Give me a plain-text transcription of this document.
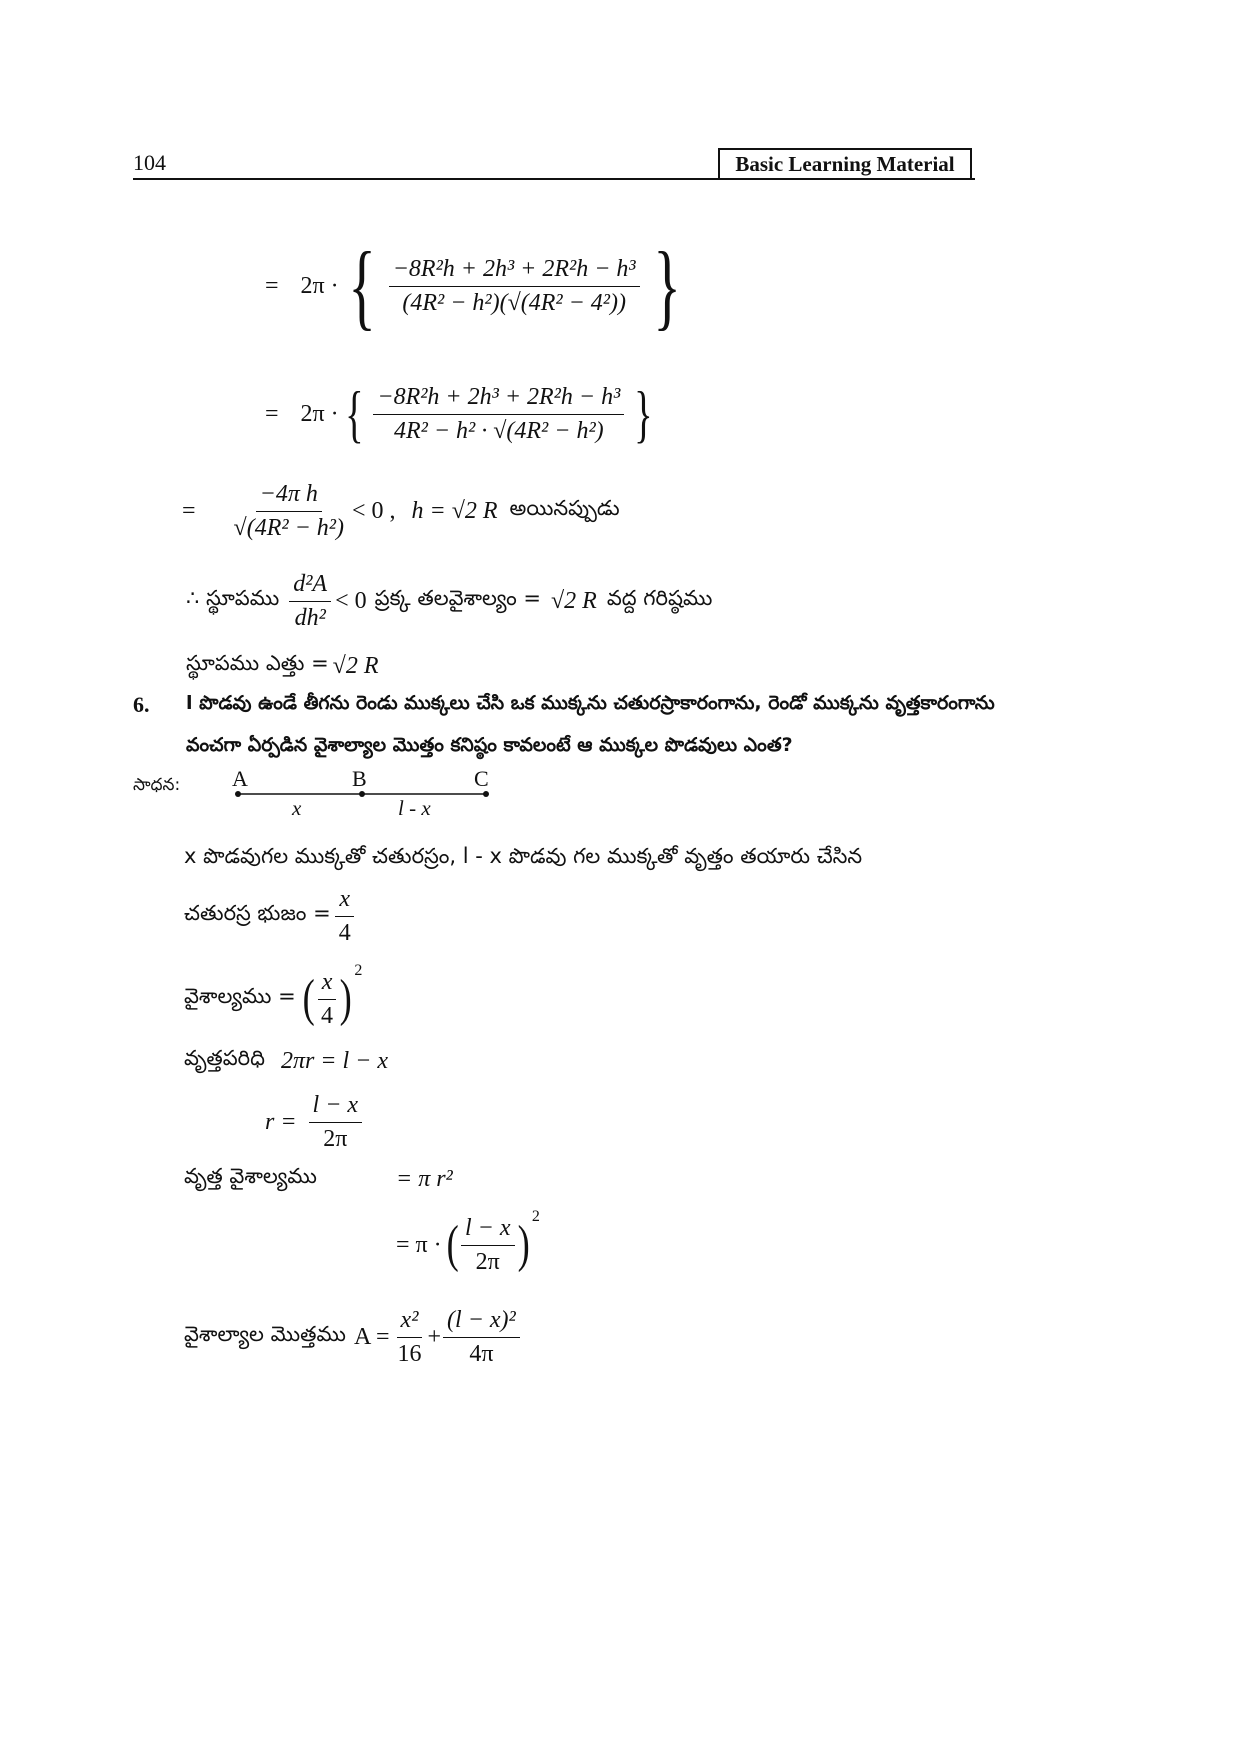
104	Basic Learning Material
= 2π · { $\frac{\text{−8R²h + 2h³ + 2R²h − h³}}{\text{(4R² − h²)(√(4R² − 4²))}}$ }
= 2π · { $\frac{\text{−8R²h + 2h³ + 2R²h − h³}}{\text{4R² − h² · √(4R² − h²)}}$ }
= $\frac{\text{−4π h}}{\text{√(4R² − h²)}} < 0$ , h = √2 R అయినప్పుడు
∴ స్థూపము $\frac{\text{d²A}}{\text{dh²}} < 0$ ప్రక్క తలవైశాల్యం = √2 R వద్ద గరిష్ఠము
స్థూపము ఎత్తు = √2 R
6. l పొడవు ఉండే తీగను రెండు ముక్కలు చేసి ఒక ముక్కను చతురస్రాకారంగాను, రెండో ముక్కను వృత్తకారంగాను
వంచగా ఏర్పడిన వైశాల్యాల మొత్తం కనిష్ఠం కావలంటే ఆ ముక్కల పొడవులు ఎంత?
సాధన: A	B	C
x	l - x
x పొడవుగల ముక్కతో చతురస్రం, l - x పొడవు గల ముక్కతో వృత్తం తయారు చేసిన
చతురస్ర భుజం = $\frac{x}{4}$
వైశాల్యము = ( $\frac{x}{4}$ ) 2
వృత్తపరిధి 2πr = l − x
$r = \frac{l - x}{2\pi}$
వృత్త వైశాల్యము	= π r²
= π · ( $\frac{l - x}{2\pi}$ ) 2
వైశాల్యాల మొత్తము $A = \frac{\text{x²}}{16} + \frac{\text{(l − x)²}}{4\pi}$
